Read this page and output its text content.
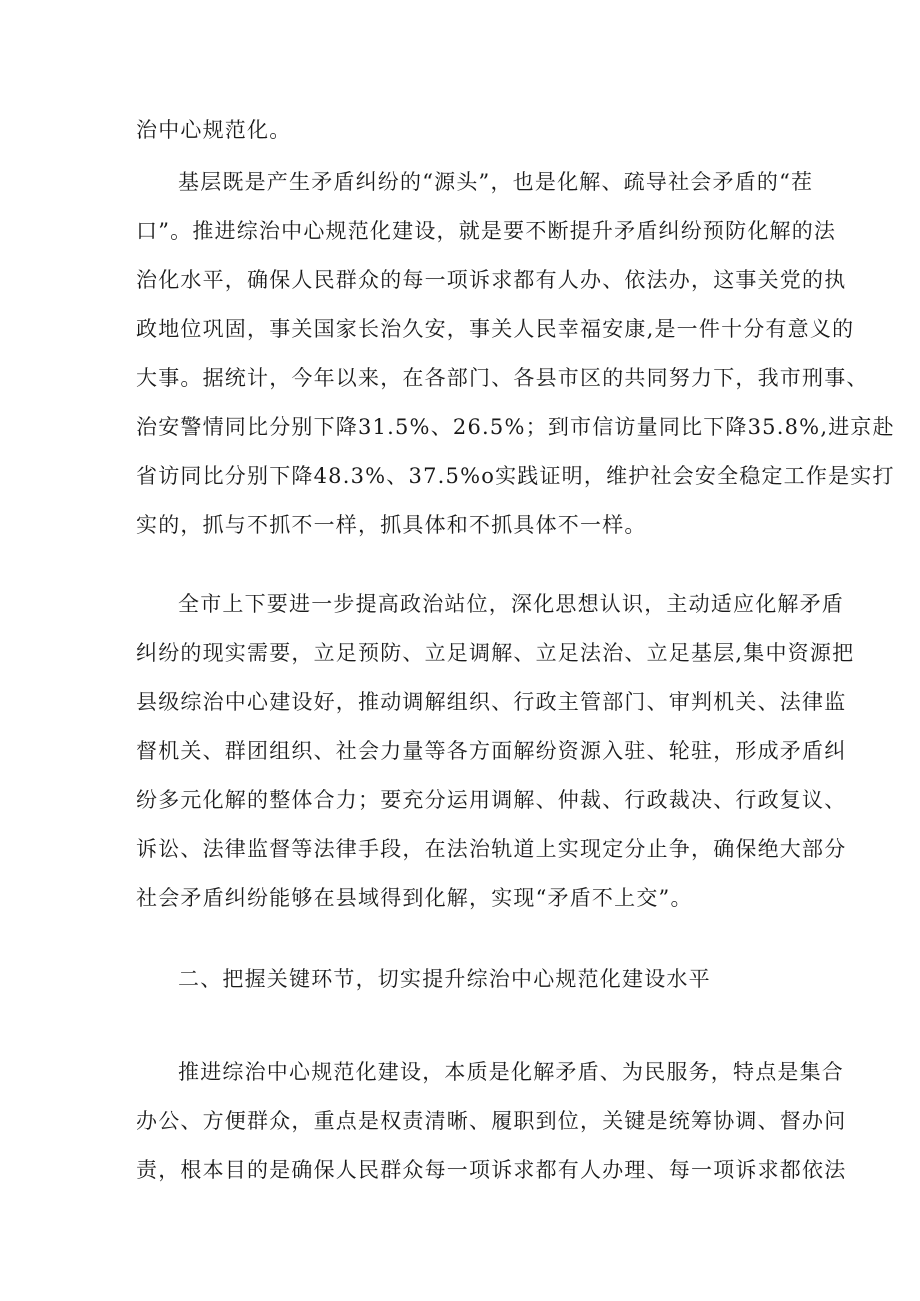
治中心规范化。
基层既是产生矛盾纠纷的“源头”，也是化解、疏导社会矛盾的“茬
口”。推进综治中心规范化建设，就是要不断提升矛盾纠纷预防化解的法
治化水平，确保人民群众的每一项诉求都有人办、依法办，这事关党的执
政地位巩固，事关国家长治久安，事关人民幸福安康,是一件十分有意义的
大事。据统计，今年以来，在各部门、各县市区的共同努力下，我市刑事、
治安警情同比分别下降31.5%、26.5%；到市信访量同比下降35.8%,进京赴
省访同比分别下降48.3%、37.5%o实践证明，维护社会安全稳定工作是实打
实的，抓与不抓不一样，抓具体和不抓具体不一样。
全市上下要进一步提高政治站位，深化思想认识，主动适应化解矛盾
纠纷的现实需要，立足预防、立足调解、立足法治、立足基层,集中资源把
县级综治中心建设好，推动调解组织、行政主管部门、审判机关、法律监
督机关、群团组织、社会力量等各方面解纷资源入驻、轮驻，形成矛盾纠
纷多元化解的整体合力；要充分运用调解、仲裁、行政裁决、行政复议、
诉讼、法律监督等法律手段，在法治轨道上实现定分止争，确保绝大部分
社会矛盾纠纷能够在县域得到化解，实现“矛盾不上交”。
二、把握关键环节，切实提升综治中心规范化建设水平
推进综治中心规范化建设，本质是化解矛盾、为民服务，特点是集合
办公、方便群众，重点是权责清晰、履职到位，关键是统筹协调、督办问
责，根本目的是确保人民群众每一项诉求都有人办理、每一项诉求都依法
